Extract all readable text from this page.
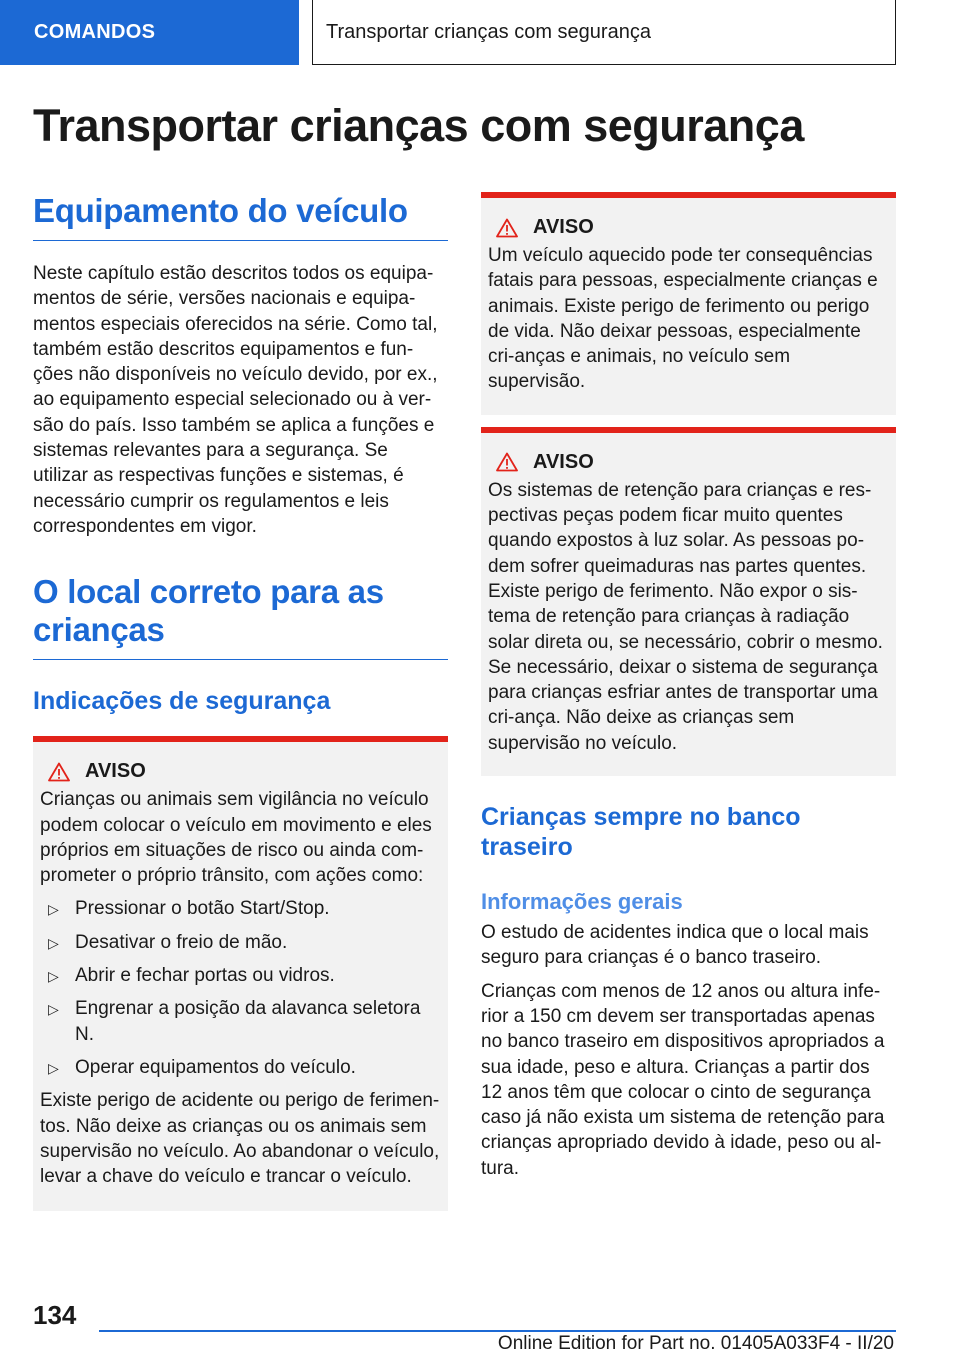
COMANDOS	Transportar crianças com segurança
Transportar crianças com segurança
Equipamento do veículo

Neste capítulo estão descritos todos os equipa-mentos de série, versões nacionais e equipa-mentos especiais oferecidos na série. Como tal, também estão descritos equipamentos e fun-ções não disponíveis no veículo devido, por ex., ao equipamento especial selecionado ou à ver-são do país. Isso também se aplica a funções e sistemas relevantes para a segurança. Se utilizar as respectivas funções e sistemas, é necessário cumprir os regulamentos e leis correspondentes em vigor.

O local correto para as crianças
Indicações de segurança
AVISO

Crianças ou animais sem vigilância no veículo podem colocar o veículo em movimento e eles próprios em situações de risco ou ainda com-prometer o próprio trânsito, com ações como:

▷ Pressionar o botão Start/Stop.
▷ Desativar o freio de mão.
▷ Abrir e fechar portas ou vidros.
▷ Engrenar a posição da alavanca seletora N.
▷ Operar equipamentos do veículo.

Existe perigo de acidente ou perigo de ferimen-tos. Não deixe as crianças ou os animais sem supervisão no veículo. Ao abandonar o veículo, levar a chave do veículo e trancar o veículo.

AVISO

Um veículo aquecido pode ter consequências fatais para pessoas, especialmente crianças e animais. Existe perigo de ferimento ou perigo de vida. Não deixar pessoas, especialmente cri-anças e animais, no veículo sem supervisão.

AVISO

Os sistemas de retenção para crianças e res-pectivas peças podem ficar muito quentes quando expostos à luz solar. As pessoas po-dem sofrer queimaduras nas partes quentes. Existe perigo de ferimento. Não expor o sis-tema de retenção para crianças à radiação solar direta ou, se necessário, cobrir o mesmo. Se necessário, deixar o sistema de segurança para crianças esfriar antes de transportar uma cri-ança. Não deixe as crianças sem supervisão no veículo.

Crianças sempre no banco traseiro
Informações gerais

O estudo de acidentes indica que o local mais seguro para crianças é o banco traseiro.

Crianças com menos de 12 anos ou altura infe-rior a 150 cm devem ser transportadas apenas no banco traseiro em dispositivos apropriados a sua idade, peso e altura. Crianças a partir dos 12 anos têm que colocar o cinto de segurança caso já não exista um sistema de retenção para crianças apropriado devido à idade, peso ou al-tura.

134
Online Edition for Part no. 01405A033F4 - II/20
